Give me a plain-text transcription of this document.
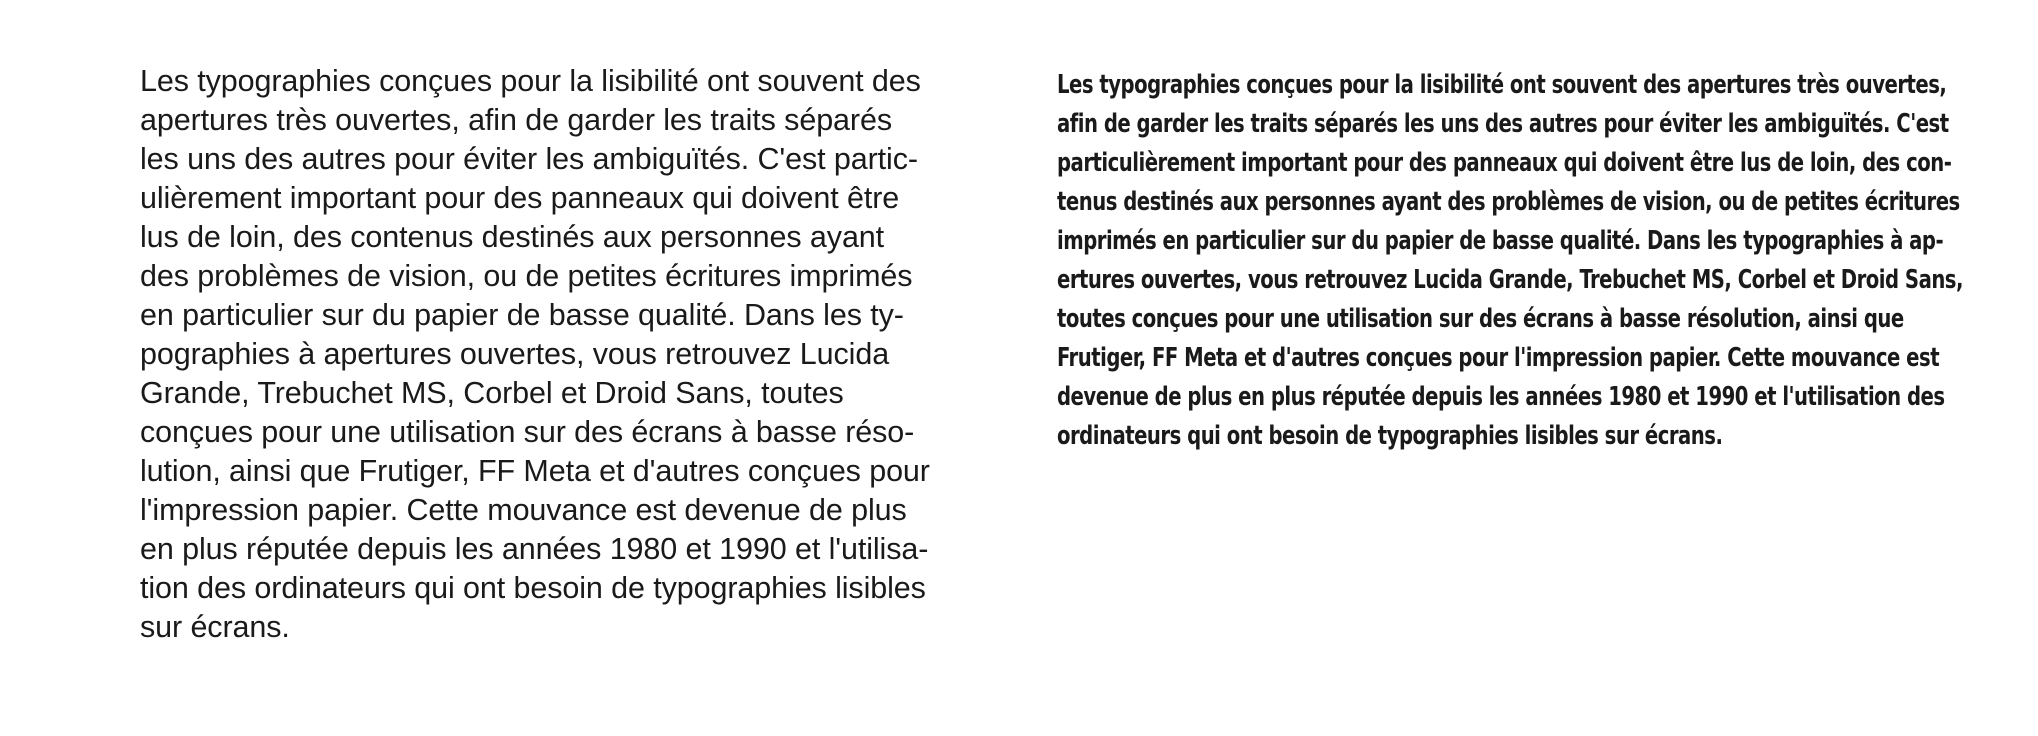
Les typographies conçues pour la lisibilité ont souvent des
apertures très ouvertes, afin de garder les traits séparés
les uns des autres pour éviter les ambiguïtés. C'est partic-
ulièrement important pour des panneaux qui doivent être
lus de loin, des contenus destinés aux personnes ayant
des problèmes de vision, ou de petites écritures imprimés
en particulier sur du papier de basse qualité. Dans les ty-
pographies à apertures ouvertes, vous retrouvez Lucida
Grande, Trebuchet MS, Corbel et Droid Sans, toutes
conçues pour une utilisation sur des écrans à basse réso-
lution, ainsi que Frutiger, FF Meta et d'autres conçues pour
l'impression papier. Cette mouvance est devenue de plus
en plus réputée depuis les années 1980 et 1990 et l'utilisa-
tion des ordinateurs qui ont besoin de typographies lisibles
sur écrans.

Les typographies conçues pour la lisibilité ont souvent des apertures très ouvertes,
afin de garder les traits séparés les uns des autres pour éviter les ambiguïtés. C'est
particulièrement important pour des panneaux qui doivent être lus de loin, des con-
tenus destinés aux personnes ayant des problèmes de vision, ou de petites écritures
imprimés en particulier sur du papier de basse qualité. Dans les typographies à ap-
ertures ouvertes, vous retrouvez Lucida Grande, Trebuchet MS, Corbel et Droid Sans,
toutes conçues pour une utilisation sur des écrans à basse résolution, ainsi que
Frutiger, FF Meta et d'autres conçues pour l'impression papier. Cette mouvance est
devenue de plus en plus réputée depuis les années 1980 et 1990 et l'utilisation des
ordinateurs qui ont besoin de typographies lisibles sur écrans.
